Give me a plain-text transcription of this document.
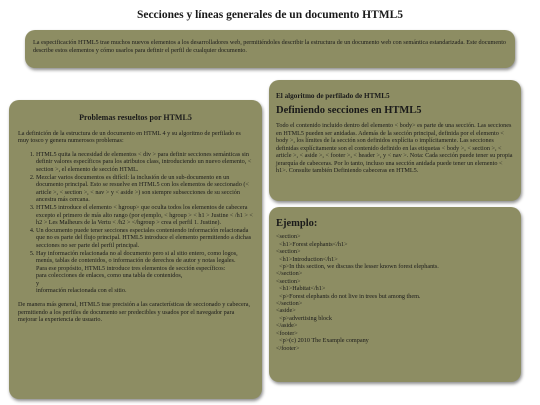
Secciones y líneas generales de un documento HTML5
La especificación HTML5 trae muchos nuevos elementos a los desarrolladores web, permitiéndoles describir la estructura de un documento web con semántica estandarizada. Este documento describe estos elementos y cómo usarlos para definir el perfil de cualquier documento.
Problemas resueltos por HTML5

La definición de la estructura de un documento en HTML 4 y su algoritmo de perfilado es muy tosco y genera numerosos problemas:

1. HTML5 quita la necesidad de elementos < div > para definir secciones semánticas sin definir valores específicos para los atributos class, introduciendo un nuevo elemento, < section >, el elemento de sección HTML.
2. Mezclar varios documentos es difícil: la inclusión de un sub-documento en un documento principal. Esto se resuelve en HTML5 con los elementos de seccionado (< article >, < section >, < nav > y < aside >) son siempre subsecciones de su sección ancestra más cercana.
3. HTML5 introduce el elemento < hgroup> que oculta todos los elementos de cabecera excepto el primero de más alto rango (por ejemplo, < hgroup > < h1 > Justine < /h1 > < h2 > Les Malheurs de la Vertu < /h2 > </hgroup > crea el perfil 1. Justine).
4. Un documento puede tener secciones especiales conteniendo información relacionada que no es parte del flujo principal. HTML5 introduce el elemento permitiendo a dichas secciones no ser parte del perfil principal.
5. Hay información relacionada no al documento pero si al sitio entero, como logos, menús, tablas de contenidos, o información de derechos de autor y notas legales.
Para ese propósito, HTML5 introduce tres elementos de sección específicos:
para colecciones de enlaces, como una tabla de contenidos,
y
información relacionada con el sitio.

De manera más general, HTML5 trae precisión a las características de seccionado y cabecera, permitiendo a los perfiles de documento ser predecibles y usados por el navegador para mejorar la experiencia de usuario.

El algoritmo de perfilado de HTML5
Definiendo secciones en HTML5

Todo el contenido incluido dentro del elemento < body> es parte de una sección. Las secciones en HTML5 pueden ser anidadas. Además de la sección principal, definida por el elemento < body >, los límites de la sección son definidos explícita o implícitamente. Las secciones definidas explícitamente son el contenido definido en las etiquetas < body >, < section >, < article >, < aside >, < footer >, < header >, y < nav >. Nota: Cada sección puede tener su propia jerarquía de cabeceras. Por lo tanto, incluso una sección anidada puede tener un elemento < h1>. Consulte también Definiendo cabeceras en HTML5.

Ejemplo:
<section>
<h1>Forest elephants</h1>
<section>
<h1>Introduction</h1>
<p>In this section, we discuss the lesser known forest elephants.
</section>
<section>
<h1>Habitat</h1>
<p>Forest elephants do not live in trees but among them.
</section>
<aside>
<p>advertising block
</aside>
<footer>
<p>(c) 2010 The Example company
</footer>
